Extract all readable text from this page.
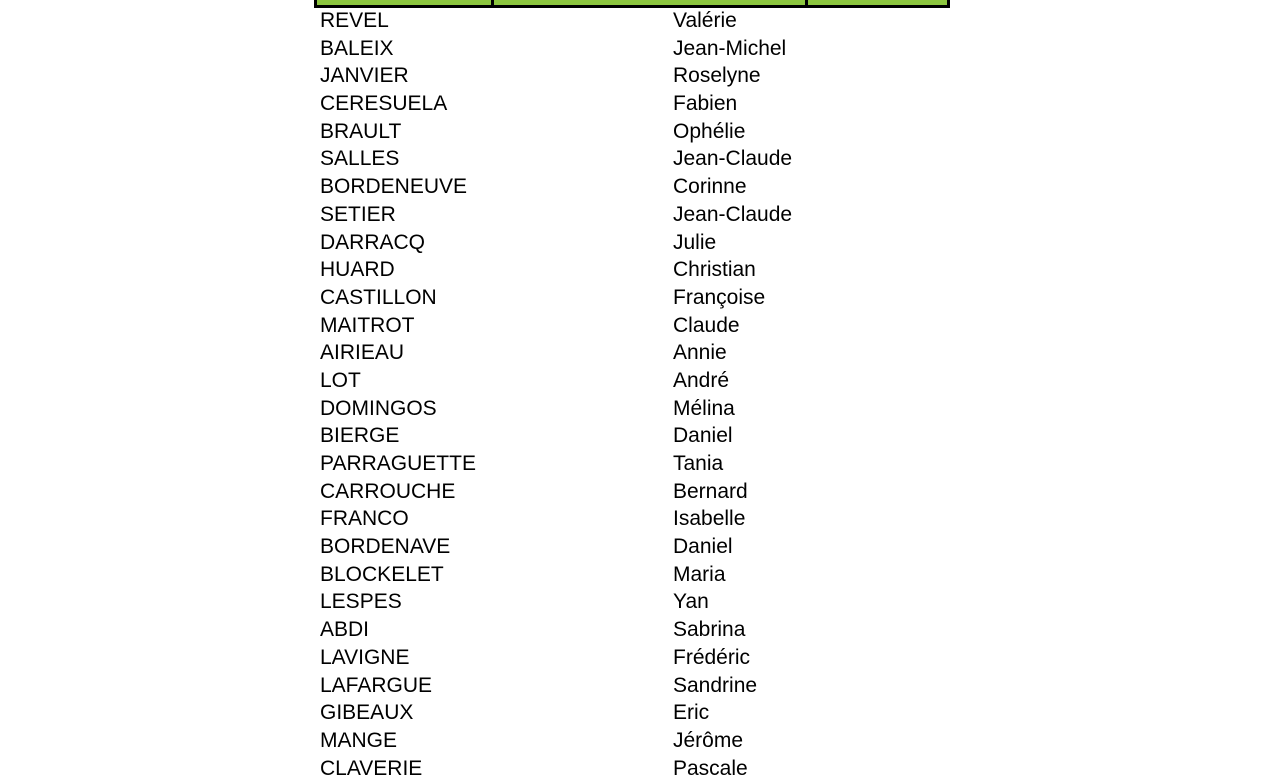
REVEL	Valérie
BALEIX	Jean-Michel
JANVIER	Roselyne
CERESUELA	Fabien
BRAULT	Ophélie
SALLES	Jean-Claude
BORDENEUVE	Corinne
SETIER	Jean-Claude
DARRACQ	Julie
HUARD	Christian
CASTILLON	Françoise
MAITROT	Claude
AIRIEAU	Annie
LOT	André
DOMINGOS	Mélina
BIERGE	Daniel
PARRAGUETTE	Tania
CARROUCHE	Bernard
FRANCO	Isabelle
BORDENAVE	Daniel
BLOCKELET	Maria
LESPES	Yan
ABDI	Sabrina
LAVIGNE	Frédéric
LAFARGUE	Sandrine
GIBEAUX	Eric
MANGE	Jérôme
CLAVERIE	Pascale
